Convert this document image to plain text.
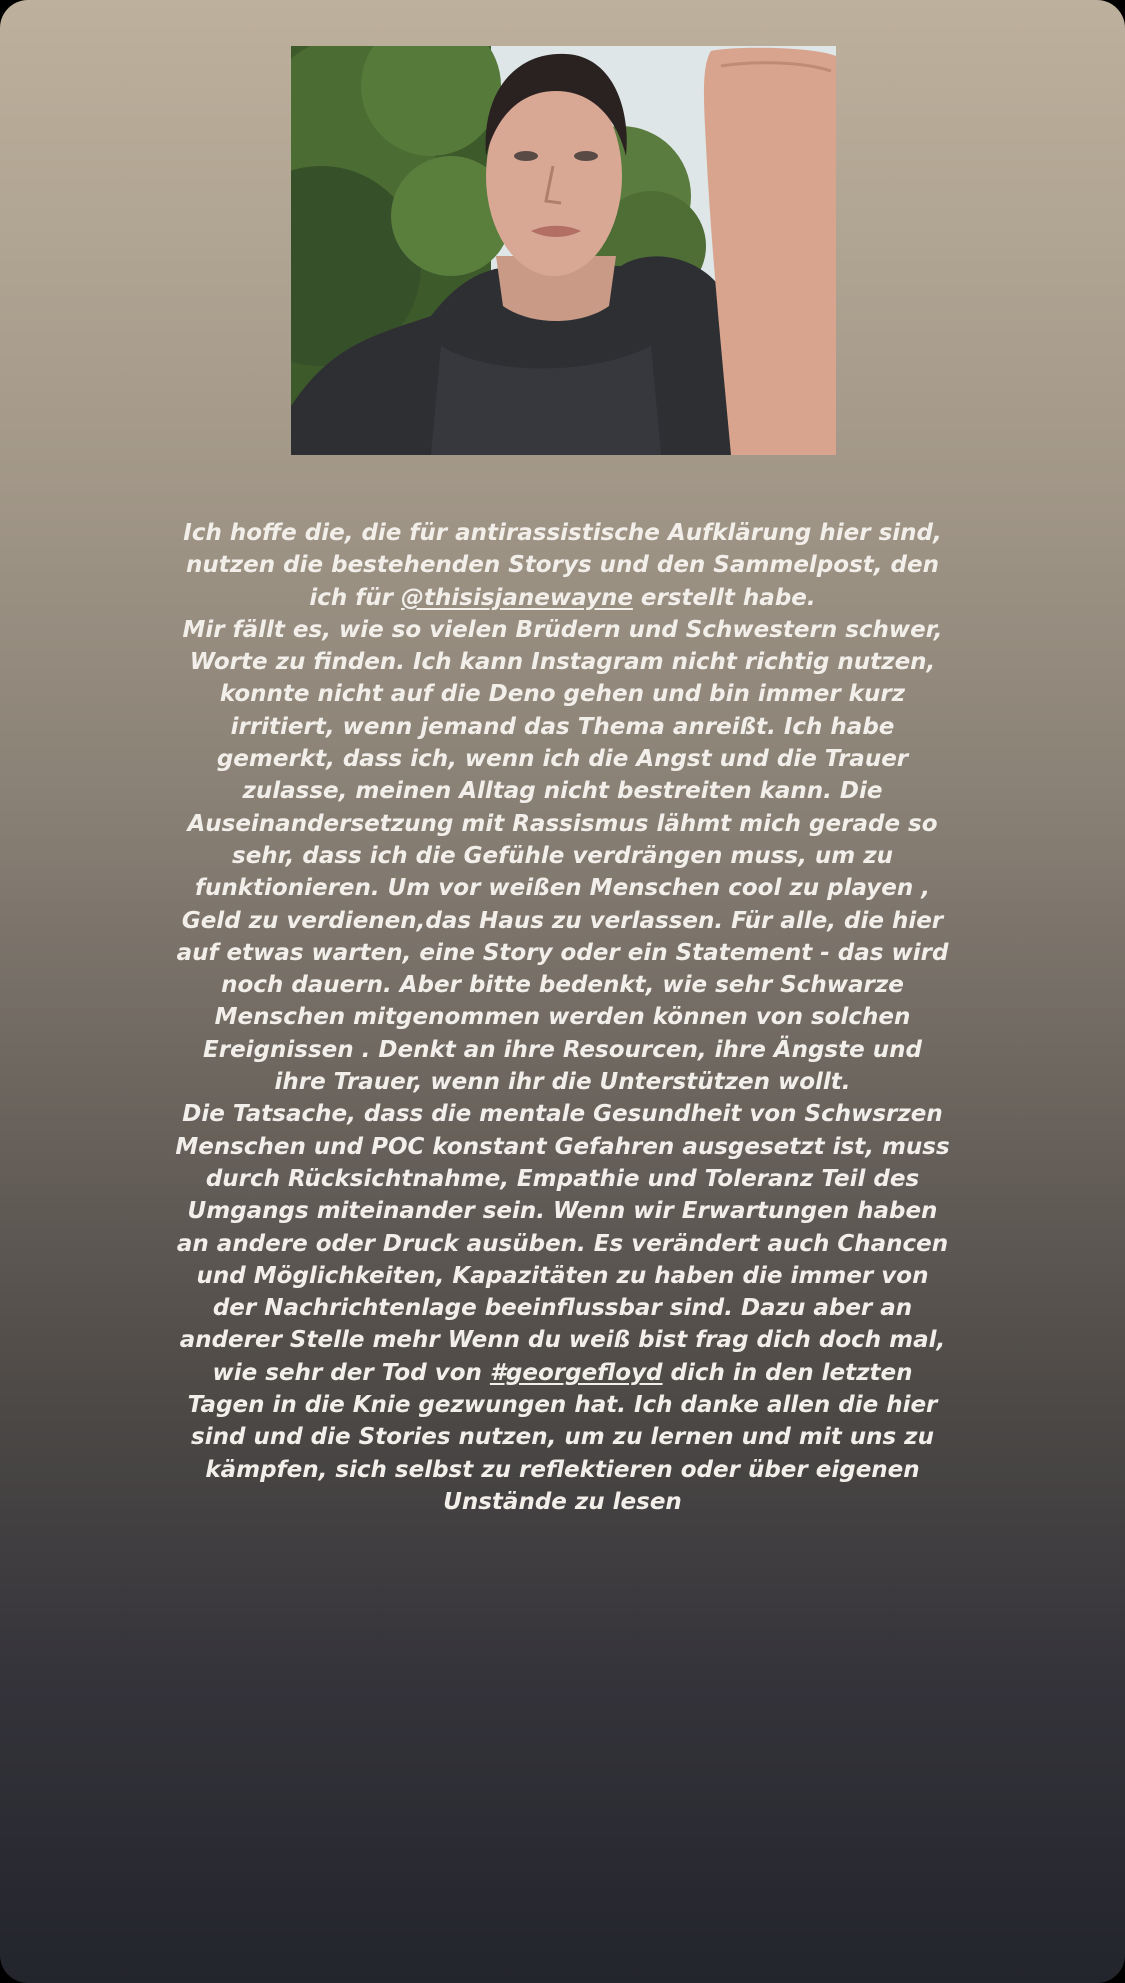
Ich hoffe die, die für antirassistische Aufklärung hier sind, nutzen die bestehenden Storys und den Sammelpost, den ich für @thisisjanewayne erstellt habe.
Mir fällt es, wie so vielen Brüdern und Schwestern schwer, Worte zu finden. Ich kann Instagram nicht richtig nutzen, konnte nicht auf die Deno gehen und bin immer kurz irritiert, wenn jemand das Thema anreißt. Ich habe gemerkt, dass ich, wenn ich die Angst und die Trauer zulasse, meinen Alltag nicht bestreiten kann. Die Auseinandersetzung mit Rassismus lähmt mich gerade so sehr, dass ich die Gefühle verdrängen muss, um zu funktionieren. Um vor weißen Menschen cool zu playen , Geld zu verdienen,das Haus zu verlassen. Für alle, die hier auf etwas warten, eine Story oder ein Statement - das wird noch dauern. Aber bitte bedenkt, wie sehr Schwarze Menschen mitgenommen werden können von solchen Ereignissen . Denkt an ihre Resourcen, ihre Ängste und ihre Trauer, wenn ihr die Unterstützen wollt.
Die Tatsache, dass die mentale Gesundheit von Schwsrzen Menschen und POC konstant Gefahren ausgesetzt ist, muss durch Rücksichtnahme, Empathie und Toleranz Teil des Umgangs miteinander sein. Wenn wir Erwartungen haben an andere oder Druck ausüben. Es verändert auch Chancen und Möglichkeiten, Kapazitäten zu haben die immer von der Nachrichtenlage beeinflussbar sind. Dazu aber an anderer Stelle mehr Wenn du weiß bist frag dich doch mal, wie sehr der Tod von #georgefloyd dich in den letzten Tagen in die Knie gezwungen hat. Ich danke allen die hier sind und die Stories nutzen, um zu lernen und mit uns zu kämpfen, sich selbst zu reflektieren oder über eigenen Unstände zu lesen
